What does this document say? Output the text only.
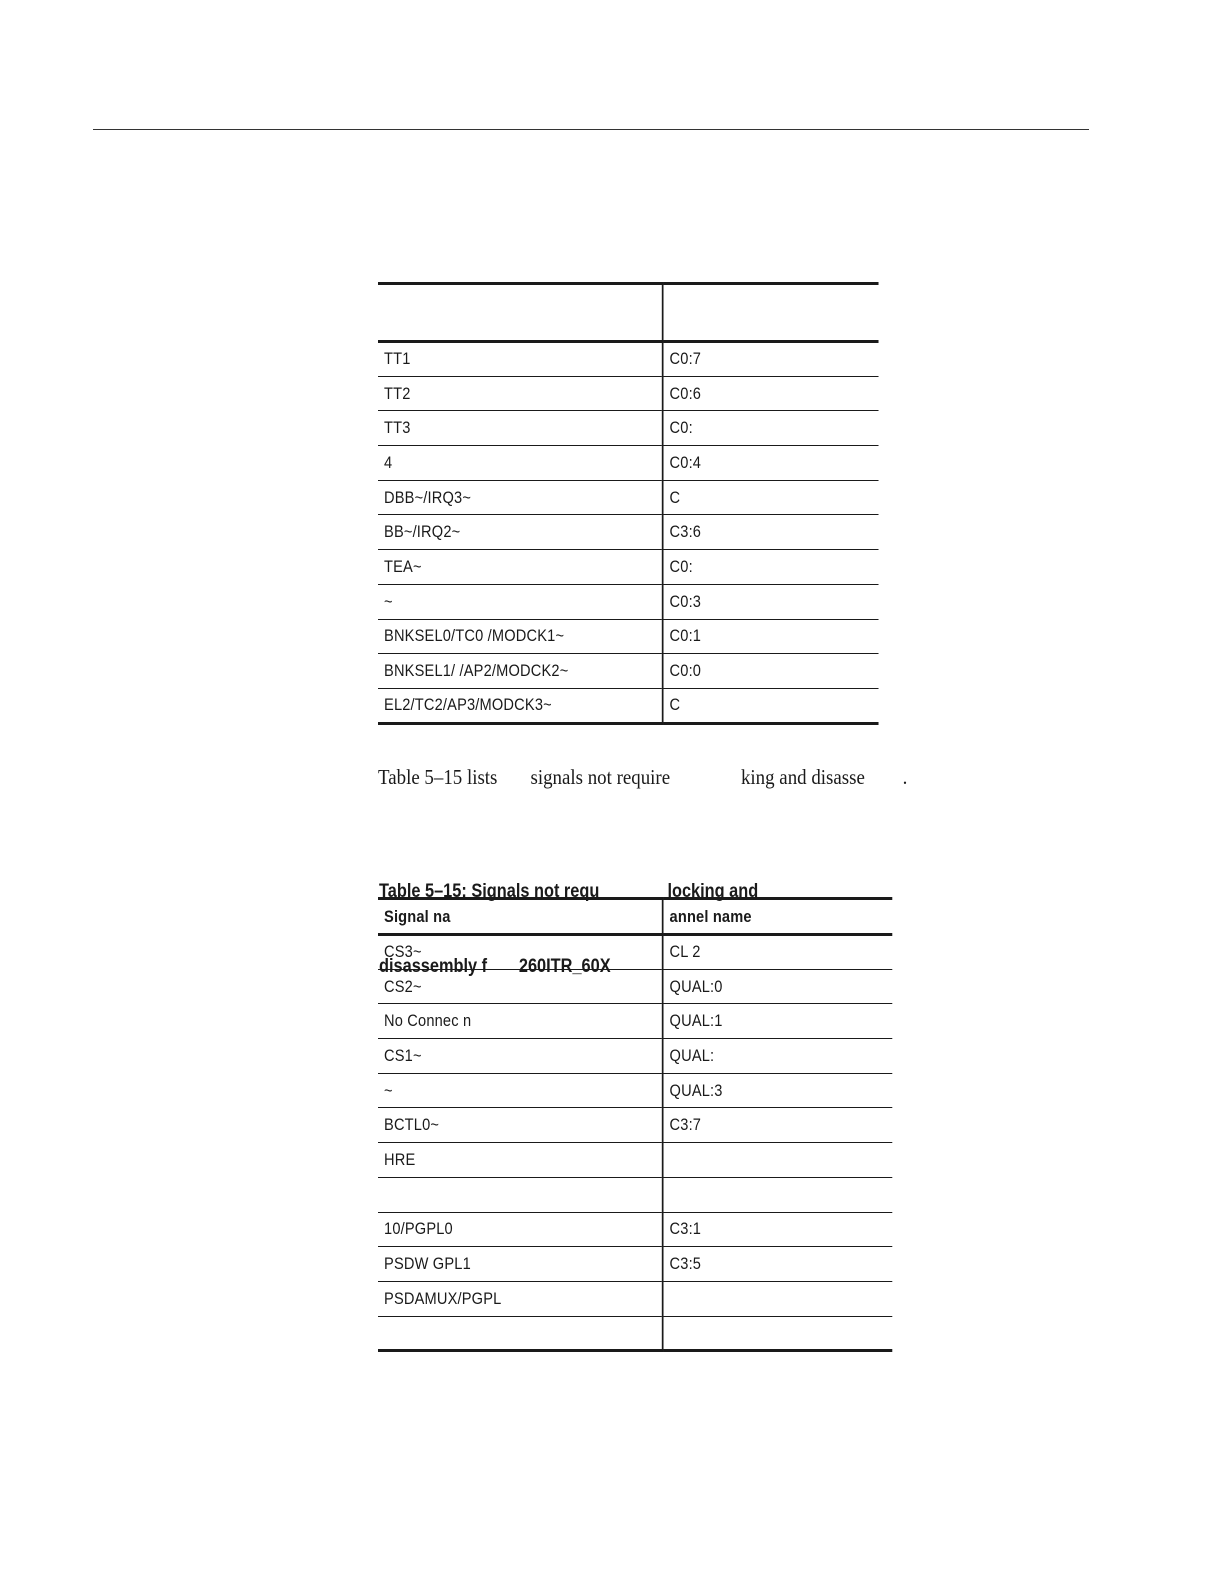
TT1	C0:7
TT2	C0:6
TT3	C0:
4	C0:4
DBB~/IRQ3~	C
BB~/IRQ2~	C3:6
TEA~	C0:
~	C0:3
BNKSEL0/TC0 /MODCK1~	C0:1
BNKSEL1/ /AP2/MODCK2~	C0:0
EL2/TC2/AP3/MODCK3~	C
Table 5–15 lists       signals not require               king and disasse        .

Table 5–15: Signals not requ               locking and

disassembly f       260ITR_60X

Signal na	annel name
CS3~	CL 2
CS2~	QUAL:0
No Connec n	QUAL:1
CS1~	QUAL:
~	QUAL:3
BCTL0~	C3:7
HRE	

10/PGPL0	C3:1
PSDW GPL1	C3:5
PSDAMUX/PGPL	
